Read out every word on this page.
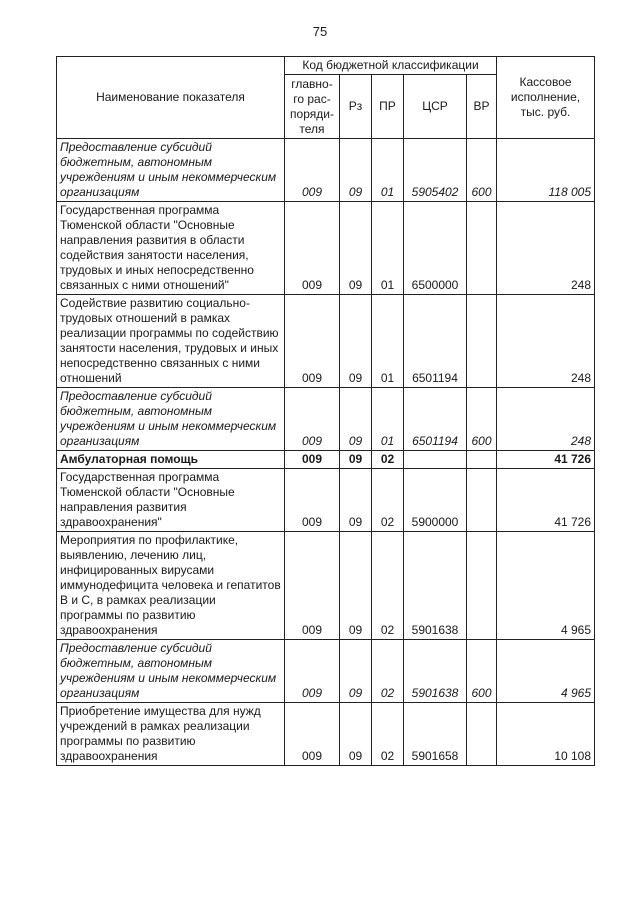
75
Наименование показателя	Код бюджетной классификации					Кассовое исполнение, тыс. руб.
	главно-го рас-поряди-теля	Рз	ПР	ЦСР	ВР	
Предоставление субсидий бюджетным, автономным учреждениям и иным некоммерческим организациям	009	09	01	5905402	600	118 005
Государственная программа Тюменской области "Основные направления развития в области содействия занятости населения, трудовых и иных непосредственно связанных с ними отношений"	009	09	01	6500000		248
Содействие развитию социально-трудовых отношений в рамках реализации программы по содействию занятости населения, трудовых и иных непосредственно связанных с ними отношений	009	09	01	6501194		248
Предоставление субсидий бюджетным, автономным учреждениям и иным некоммерческим организациям	009	09	01	6501194	600	248
Амбулаторная помощь	009	09	02			41 726
Государственная программа Тюменской области "Основные направления развития здравоохранения"	009	09	02	5900000		41 726
Мероприятия по профилактике, выявлению, лечению лиц, инфицированных вирусами иммунодефицита человека и гепатитов В и С, в рамках реализации программы по развитию здравоохранения	009	09	02	5901638		4 965
Предоставление субсидий бюджетным, автономным учреждениям и иным некоммерческим организациям	009	09	02	5901638	600	4 965
Приобретение имущества для нужд учреждений в рамках реализации программы по развитию здравоохранения	009	09	02	5901658		10 108
